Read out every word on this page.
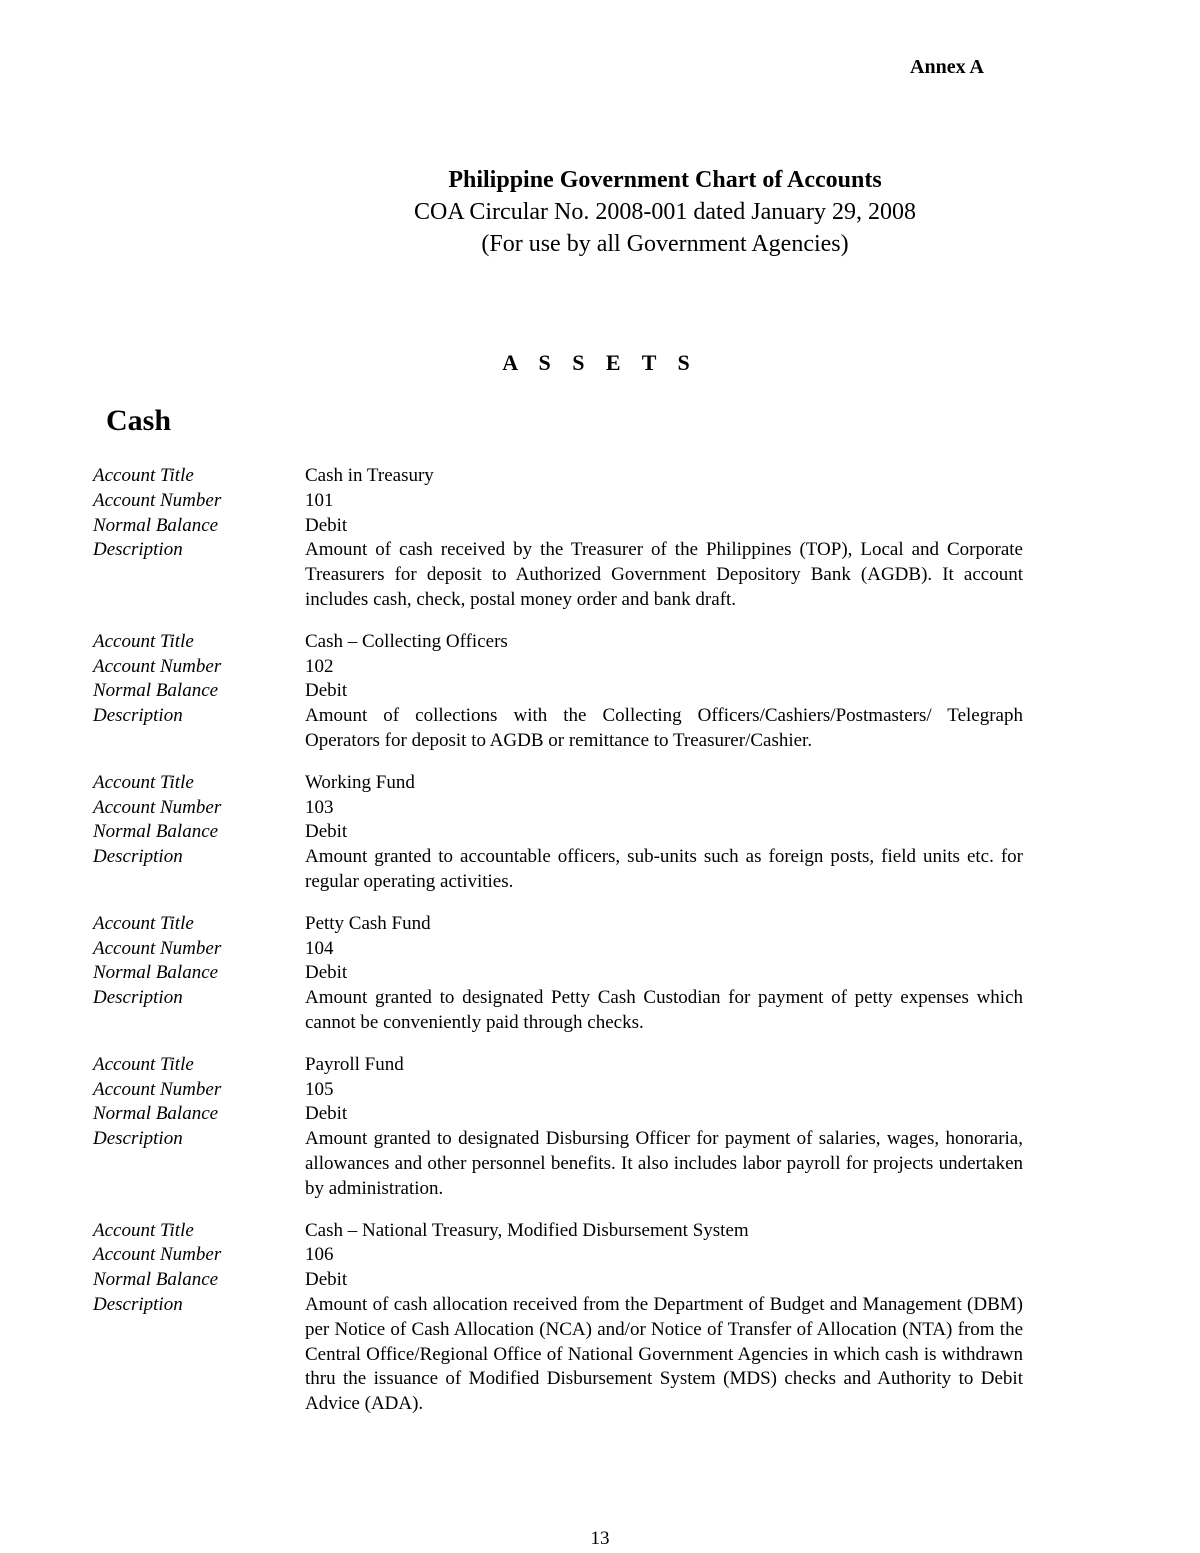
Annex A
Philippine Government Chart of Accounts
COA Circular No. 2008-001 dated January 29, 2008
(For use by all Government Agencies)
A S S E T S
Cash
Account Title	Cash in Treasury
Account Number	101
Normal Balance	Debit
Description	Amount of cash received by the Treasurer of the Philippines (TOP), Local and Corporate Treasurers for deposit to Authorized Government Depository Bank (AGDB). It account includes cash, check, postal money order and bank draft.
Account Title	Cash – Collecting Officers
Account Number	102
Normal Balance	Debit
Description	Amount of collections with the Collecting Officers/Cashiers/Postmasters/ Telegraph Operators for deposit to AGDB or remittance to Treasurer/Cashier.
Account Title	Working Fund
Account Number	103
Normal Balance	Debit
Description	Amount granted to accountable officers, sub-units such as foreign posts, field units etc. for regular operating activities.
Account Title	Petty Cash Fund
Account Number	104
Normal Balance	Debit
Description	Amount granted to designated Petty Cash Custodian for payment of petty expenses which cannot be conveniently paid through checks.
Account Title	Payroll Fund
Account Number	105
Normal Balance	Debit
Description	Amount granted to designated Disbursing Officer for payment of salaries, wages, honoraria, allowances and other personnel benefits. It also includes labor payroll for projects undertaken by administration.
Account Title	Cash – National Treasury, Modified Disbursement System
Account Number	106
Normal Balance	Debit
Description	Amount of cash allocation received from the Department of Budget and Management (DBM) per Notice of Cash Allocation (NCA) and/or Notice of Transfer of Allocation (NTA) from the Central Office/Regional Office of National Government Agencies in which cash is withdrawn thru the issuance of Modified Disbursement System (MDS) checks and Authority to Debit Advice (ADA).
13
